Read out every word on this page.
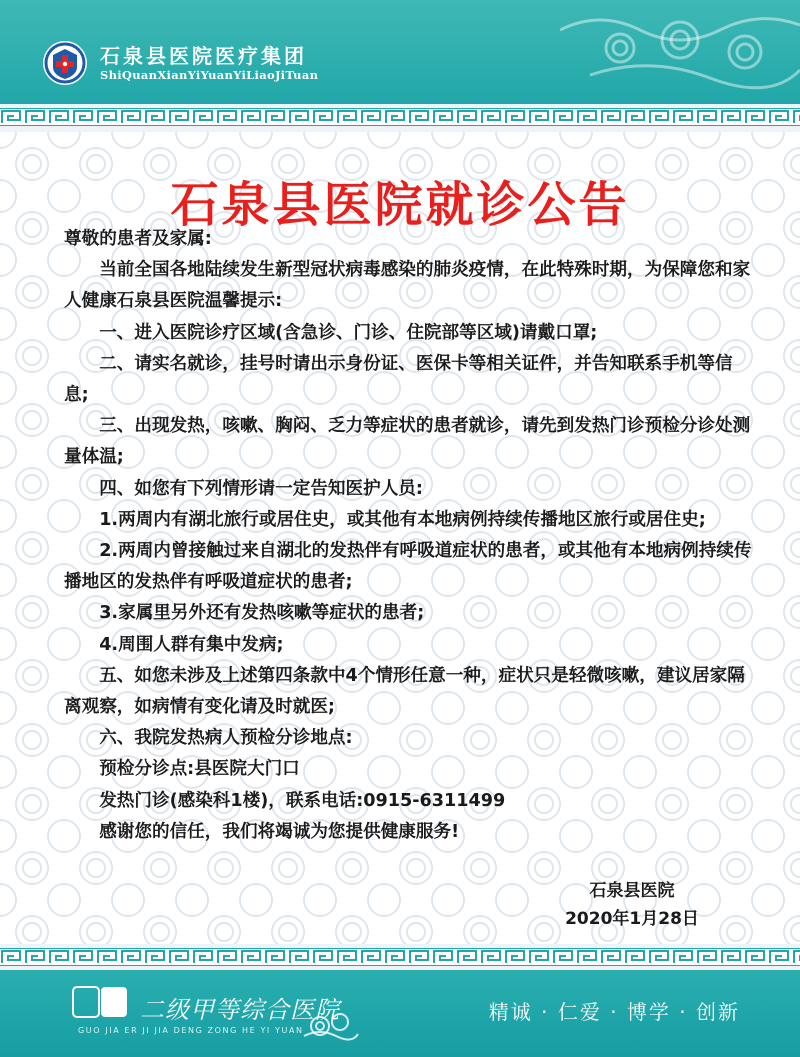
石泉县医院医疗集团
ShiQuanXianYiYuanYiLiaoJiTuan
石泉县医院就诊公告

尊敬的患者及家属:

当前全国各地陆续发生新型冠状病毒感染的肺炎疫情，在此特殊时期，为保障您和家人健康石泉县医院温馨提示:

一、进入医院诊疗区域(含急诊、门诊、住院部等区域)请戴口罩;

二、请实名就诊，挂号时请出示身份证、医保卡等相关证件，并告知联系手机等信息;

三、出现发热，咳嗽、胸闷、乏力等症状的患者就诊，请先到发热门诊预检分诊处测量体温;

四、如您有下列情形请一定告知医护人员:

1.两周内有湖北旅行或居住史，或其他有本地病例持续传播地区旅行或居住史;

2.两周内曾接触过来自湖北的发热伴有呼吸道症状的患者，或其他有本地病例持续传播地区的发热伴有呼吸道症状的患者;

3.家属里另外还有发热咳嗽等症状的患者;

4.周围人群有集中发病;

五、如您未涉及上述第四条款中4个情形任意一种，症状只是轻微咳嗽，建议居家隔离观察，如病情有变化请及时就医;

六、我院发热病人预检分诊地点:

预检分诊点:县医院大门口

发热门诊(感染科1楼)，联系电话:0915-6311499

感谢您的信任，我们将竭诚为您提供健康服务!

石泉县医院
2020年1月28日
二级甲等综合医院
GUO JIA ER JI JIA DENG ZONG HE YI YUAN
精诚 · 仁爱 · 博学 · 创新
